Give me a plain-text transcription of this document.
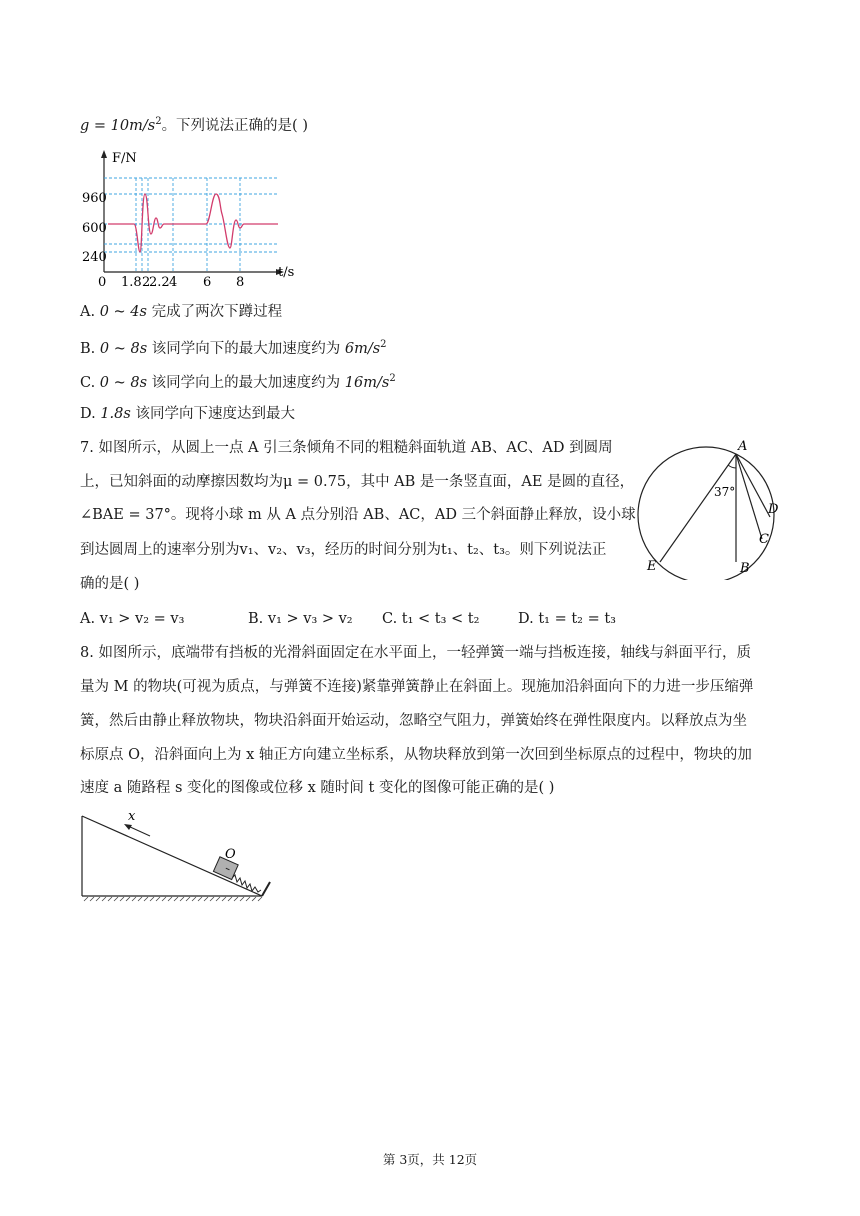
$g = 10m/s^2$。下列说法正确的是( )
F/N
960
600
240
t/s
0 1.8 2
2.2 4 6 8
A. 0 ~ 4s 完成了两次下蹲过程
B. 0 ~ 8s 该同学向下的最大加速度约为 $6m/s^2$
C. 0 ~ 8s 该同学向上的最大加速度约为 $16m/s^2$
D. 1.8s 该同学向下速度达到最大
7. 如图所示，从圆上一点 A 引三条倾角不同的粗糙斜面轨道 AB、AC、AD 到圆周
上，已知斜面的动摩擦因数均为μ = 0.75，其中 AB 是一条竖直面，AE 是圆的直径，
∠BAE = 37°。现将小球 m 从 A 点分别沿 AB、AC，AD 三个斜面静止释放，设小球
到达圆周上的速率分别为v₁、v₂、v₃，经历的时间分别为t₁、t₂、t₃。则下列说法正
确的是( )
A
37°
D
C
E	B
A. v₁ > v₂ = v₃	B. v₁ > v₃ > v₂ C. t₁ < t₃ < t₂	D. t₁ = t₂ = t₃
8. 如图所示，底端带有挡板的光滑斜面固定在水平面上，一轻弹簧一端与挡板连接，轴线与斜面平行，质
量为 M 的物块(可视为质点，与弹簧不连接)紧靠弹簧静止在斜面上。现施加沿斜面向下的力进一步压缩弹
簧，然后由静止释放物块，物块沿斜面开始运动，忽略空气阻力，弹簧始终在弹性限度内。以释放点为坐
标原点 O，沿斜面向上为 x 轴正方向建立坐标系，从物块释放到第一次回到坐标原点的过程中，物块的加
速度 a 随路程 s 变化的图像或位移 x 随时间 t 变化的图像可能正确的是( )
x
O
第 3页，共 12页
